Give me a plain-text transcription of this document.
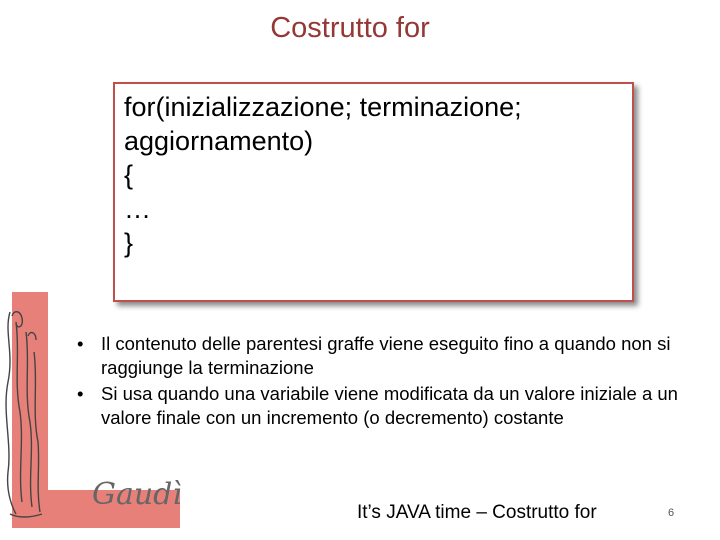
Costrutto for
for(inizializzazione; terminazione;
aggiornamento)
{
…
}
Gaudì
• Il contenuto delle parentesi graffe viene eseguito fino a quando non si raggiunge la terminazione
• Si usa quando una variabile viene modificata da un valore iniziale a un valore finale con un incremento (o decremento) costante
It’s JAVA time – Costrutto for	6
